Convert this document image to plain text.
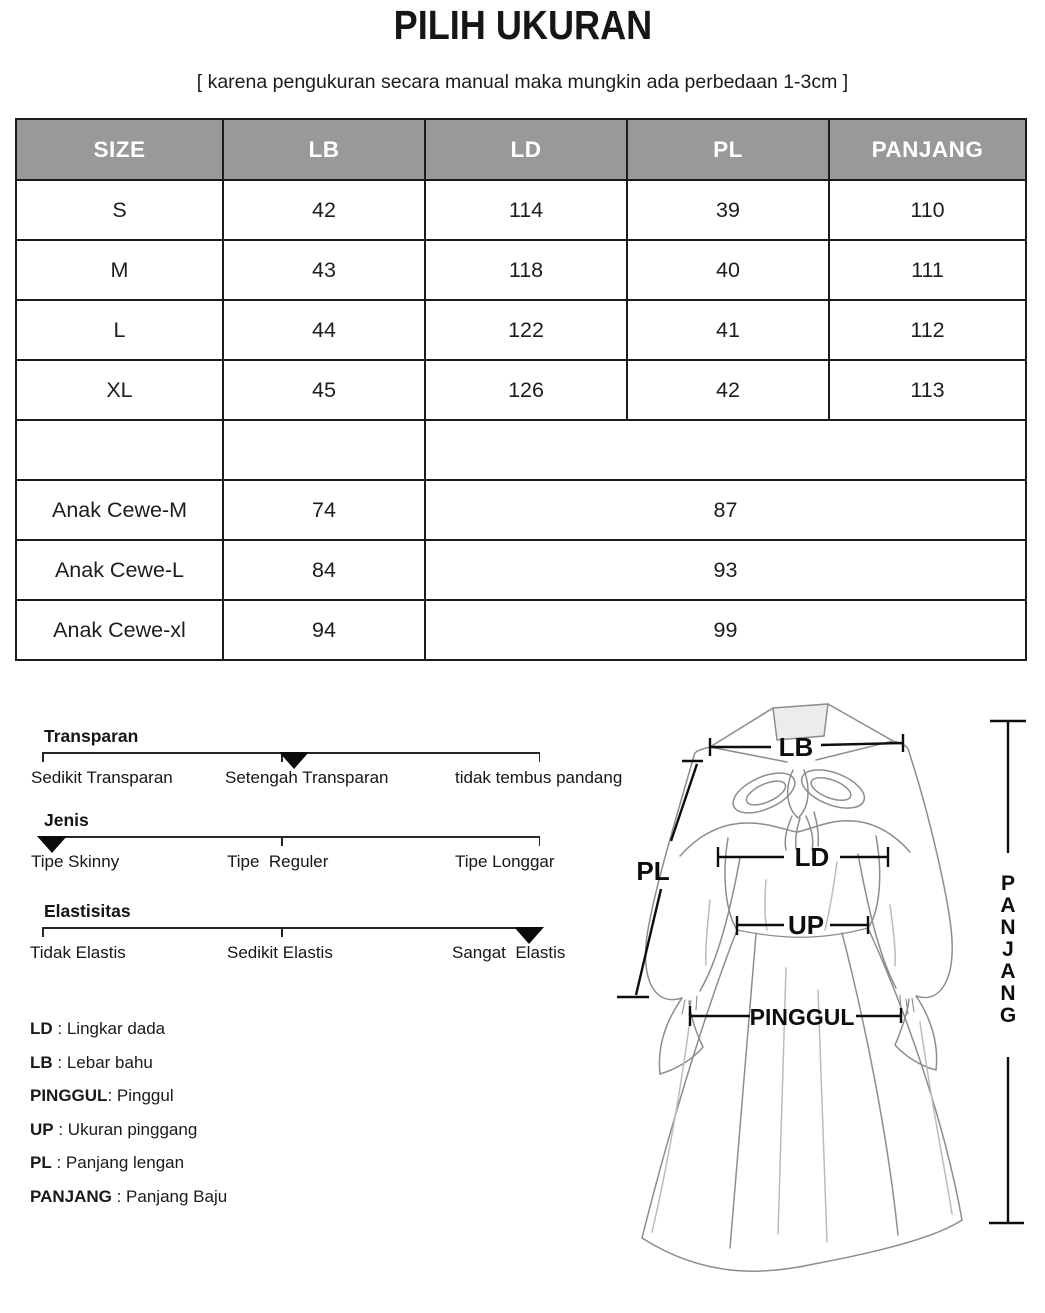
PILIH UKURAN
[ karena pengukuran secara manual maka mungkin ada perbedaan 1-3cm ]
SIZE	LB	LD	PL	PANJANG
S	42	114	39	110
M	43	118	40	111
L	44	122	41	112
XL	45	126	42	113

Anak Cewe-M	74	87		
Anak Cewe-L	84	93		
Anak Cewe-xl	94	99		
Transparan
Sedikit Transparan	Setengah Transparan	tidak tembus pandang
Jenis
Tipe Skinny	Tipe  Reguler	Tipe Longgar
Elastisitas
Tidak Elastis	Sedikit Elastis	Sangat  Elastis
LD : Lingkar dada
LB : Lebar bahu
PINGGUL: Pinggul
UP : Ukuran pinggang
PL : Panjang lengan
PANJANG : Panjang Baju
LB
PL	LD
UP
PINGGUL
P
A
N
J
A
N
G
